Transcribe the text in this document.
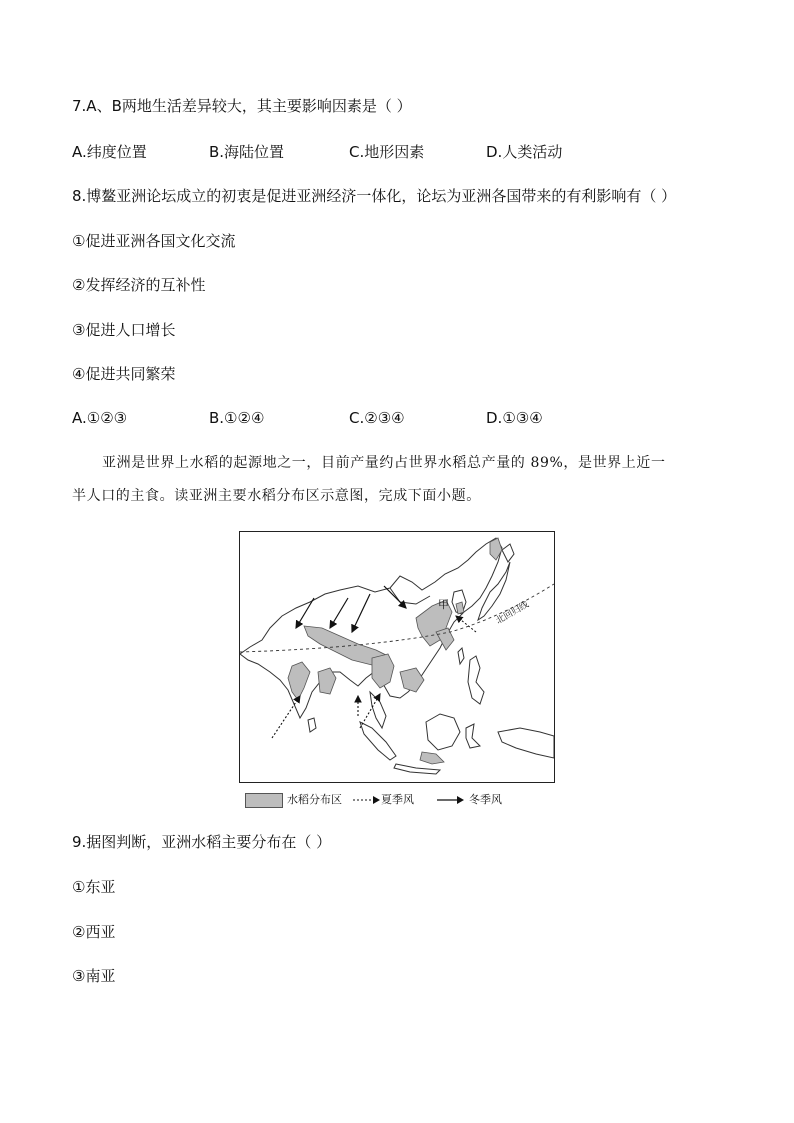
7.A、B两地生活差异较大，其主要影响因素是（ ）
A.纬度位置	B.海陆位置	C.地形因素	D.人类活动
8.博鳌亚洲论坛成立的初衷是促进亚洲经济一体化，论坛为亚洲各国带来的有利影响有（ ）
①促进亚洲各国文化交流
②发挥经济的互补性
③促进人口增长
④促进共同繁荣
A.①②③	B.①②④	C.②③④	D.①③④
亚洲是世界上水稻的起源地之一，目前产量约占世界水稻总产量的 89%，是世界上近一
半人口的主食。读亚洲主要水稻分布区示意图，完成下面小题。
北回归线
甲
水稻分布区	夏季风	冬季风
9.据图判断，亚洲水稻主要分布在（ ）
①东亚
②西亚
③南亚
